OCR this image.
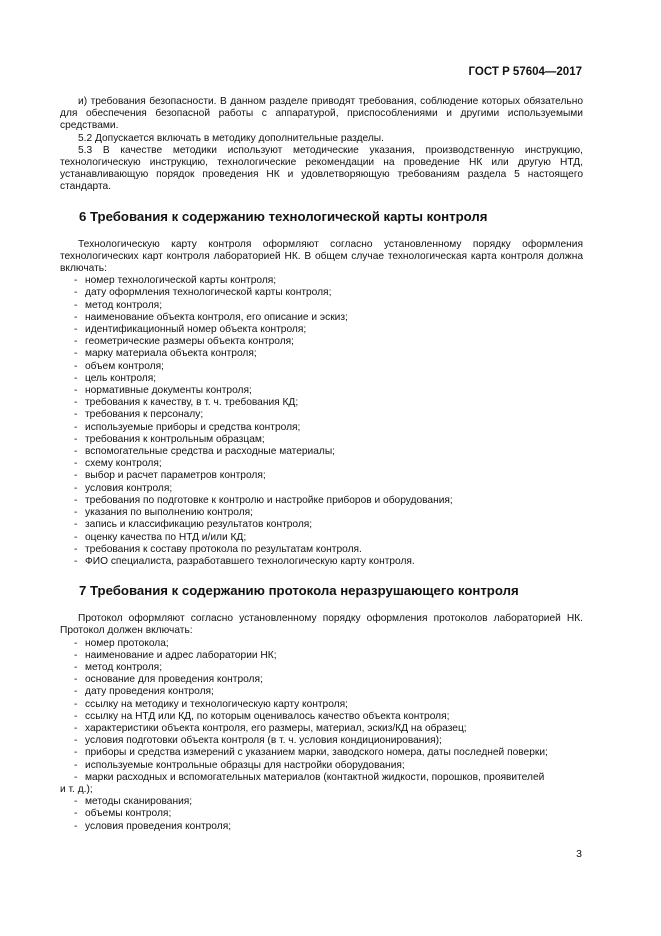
ГОСТ Р 57604—2017

и) требования безопасности. В данном разделе приводят требования, соблюдение которых обязательно для обеспечения безопасной работы с аппаратурой, приспособлениями и другими используемыми средствами.

5.2 Допускается включать в методику дополнительные разделы.

5.3 В качестве методики используют методические указания, производственную инструкцию, технологическую инструкцию, технологические рекомендации на проведение НК или другую НТД, устанавливающую порядок проведения НК и удовлетворяющую требованиям раздела 5 настоящего стандарта.

6 Требования к содержанию технологической карты контроля

Технологическую карту контроля оформляют согласно установленному порядку оформления технологических карт контроля лабораторией НК. В общем случае технологическая карта контроля должна включать:

- номер технологической карты контроля;
- дату оформления технологической карты контроля;
- метод контроля;
- наименование объекта контроля, его описание и эскиз;
- идентификационный номер объекта контроля;
- геометрические размеры объекта контроля;
- марку материала объекта контроля;
- объем контроля;
- цель контроля;
- нормативные документы контроля;
- требования к качеству, в т. ч. требования КД;
- требования к персоналу;
- используемые приборы и средства контроля;
- требования к контрольным образцам;
- вспомогательные средства и расходные материалы;
- схему контроля;
- выбор и расчет параметров контроля;
- условия контроля;
- требования по подготовке к контролю и настройке приборов и оборудования;
- указания по выполнению контроля;
- запись и классификацию результатов контроля;
- оценку качества по НТД и/или КД;
- требования к составу протокола по результатам контроля.
- ФИО специалиста, разработавшего технологическую карту контроля.
7 Требования к содержанию протокола неразрушающего контроля

Протокол оформляют согласно установленному порядку оформления протоколов лабораторией НК. Протокол должен включать:

- номер протокола;
- наименование и адрес лаборатории НК;
- метод контроля;
- основание для проведения контроля;
- дату проведения контроля;
- ссылку на методику и технологическую карту контроля;
- ссылку на НТД или КД, по которым оценивалось качество объекта контроля;
- характеристики объекта контроля, его размеры, материал, эскиз/КД на образец;
- условия подготовки объекта контроля (в т. ч. условия кондиционирования);
- приборы и средства измерений с указанием марки, заводского номера, даты последней поверки;
- используемые контрольные образцы для настройки оборудования;
- марки расходных и вспомогательных материалов (контактной жидкости, порошков, проявителей
и т. д.);
- методы сканирования;
- объемы контроля;
- условия проведения контроля;
3
